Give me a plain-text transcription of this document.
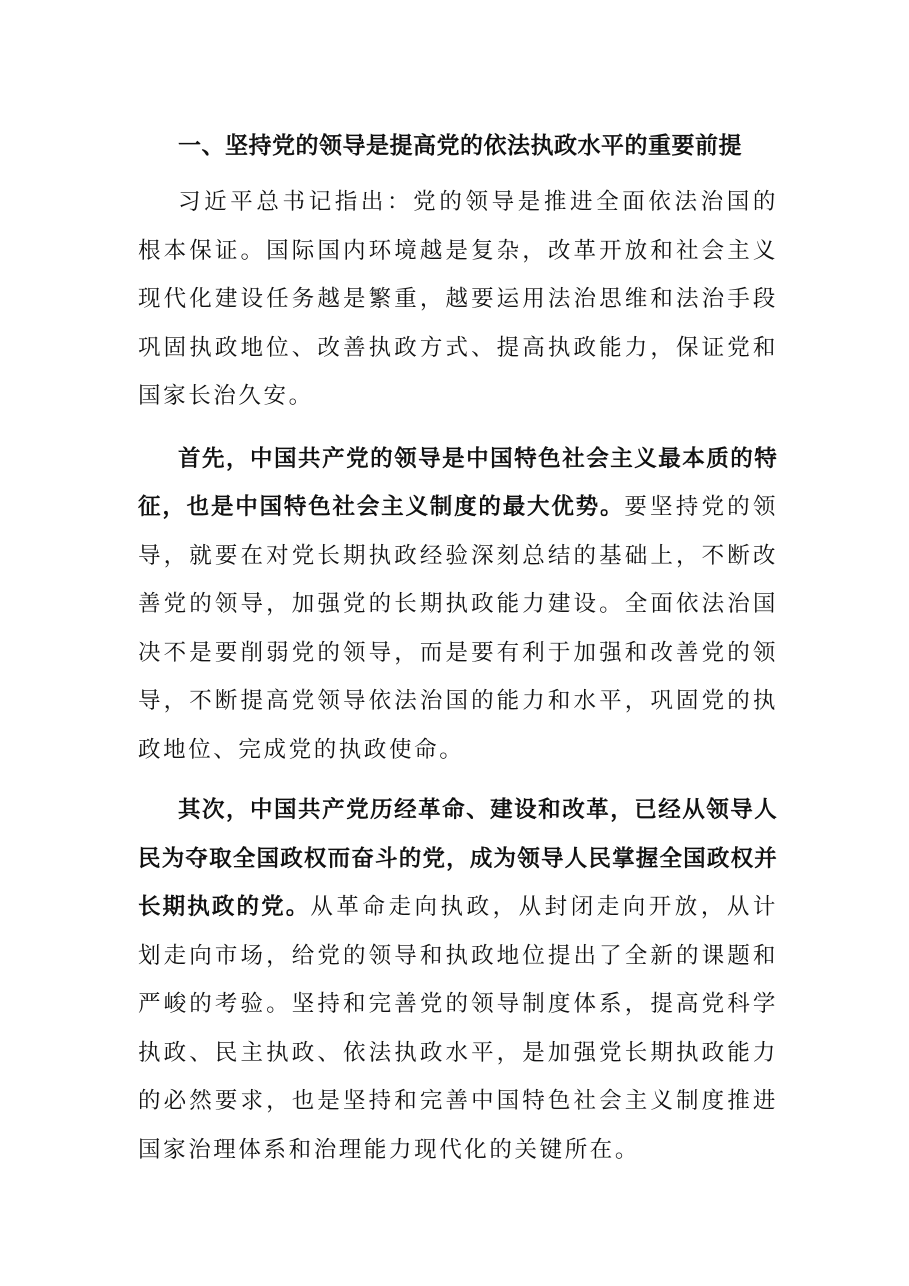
一、坚持党的领导是提高党的依法执政水平的重要前提

习近平总书记指出：党的领导是推进全面依法治国的根本保证。国际国内环境越是复杂，改革开放和社会主义现代化建设任务越是繁重，越要运用法治思维和法治手段巩固执政地位、改善执政方式、提高执政能力，保证党和国家长治久安。

首先，中国共产党的领导是中国特色社会主义最本质的特征，也是中国特色社会主义制度的最大优势。要坚持党的领导，就要在对党长期执政经验深刻总结的基础上，不断改善党的领导，加强党的长期执政能力建设。全面依法治国决不是要削弱党的领导，而是要有利于加强和改善党的领导，不断提高党领导依法治国的能力和水平，巩固党的执政地位、完成党的执政使命。

其次，中国共产党历经革命、建设和改革，已经从领导人民为夺取全国政权而奋斗的党，成为领导人民掌握全国政权并长期执政的党。从革命走向执政，从封闭走向开放，从计划走向市场，给党的领导和执政地位提出了全新的课题和严峻的考验。坚持和完善党的领导制度体系，提高党科学执政、民主执政、依法执政水平，是加强党长期执政能力的必然要求，也是坚持和完善中国特色社会主义制度推进国家治理体系和治理能力现代化的关键所在。
